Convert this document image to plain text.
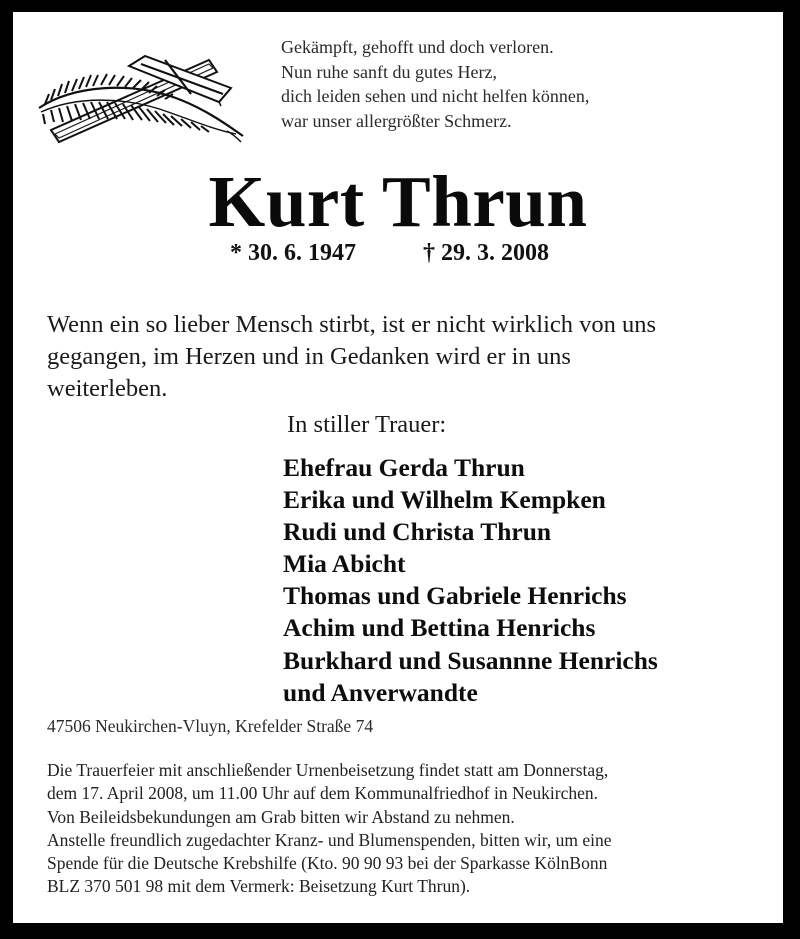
Gekämpft, gehofft und doch verloren.
Nun ruhe sanft du gutes Herz,
dich leiden sehen und nicht helfen können,
war unser allergrößter Schmerz.
Kurt Thrun
* 30. 6. 1947	† 29. 3. 2008
Wenn ein so lieber Mensch stirbt, ist er nicht wirklich von uns
gegangen, im Herzen und in Gedanken wird er in uns
weiterleben.
In stiller Trauer:
Ehefrau Gerda Thrun
Erika und Wilhelm Kempken
Rudi und Christa Thrun
Mia Abicht
Thomas und Gabriele Henrichs
Achim und Bettina Henrichs
Burkhard und Susannne Henrichs
und Anverwandte
47506 Neukirchen-Vluyn, Krefelder Straße 74
Die Trauerfeier mit anschließender Urnenbeisetzung findet statt am Donnerstag,
dem 17. April 2008, um 11.00 Uhr auf dem Kommunalfriedhof in Neukirchen.
Von Beileidsbekundungen am Grab bitten wir Abstand zu nehmen.
Anstelle freundlich zugedachter Kranz- und Blumenspenden, bitten wir, um eine
Spende für die Deutsche Krebshilfe (Kto. 90 90 93 bei der Sparkasse KölnBonn
BLZ 370 501 98 mit dem Vermerk: Beisetzung Kurt Thrun).
